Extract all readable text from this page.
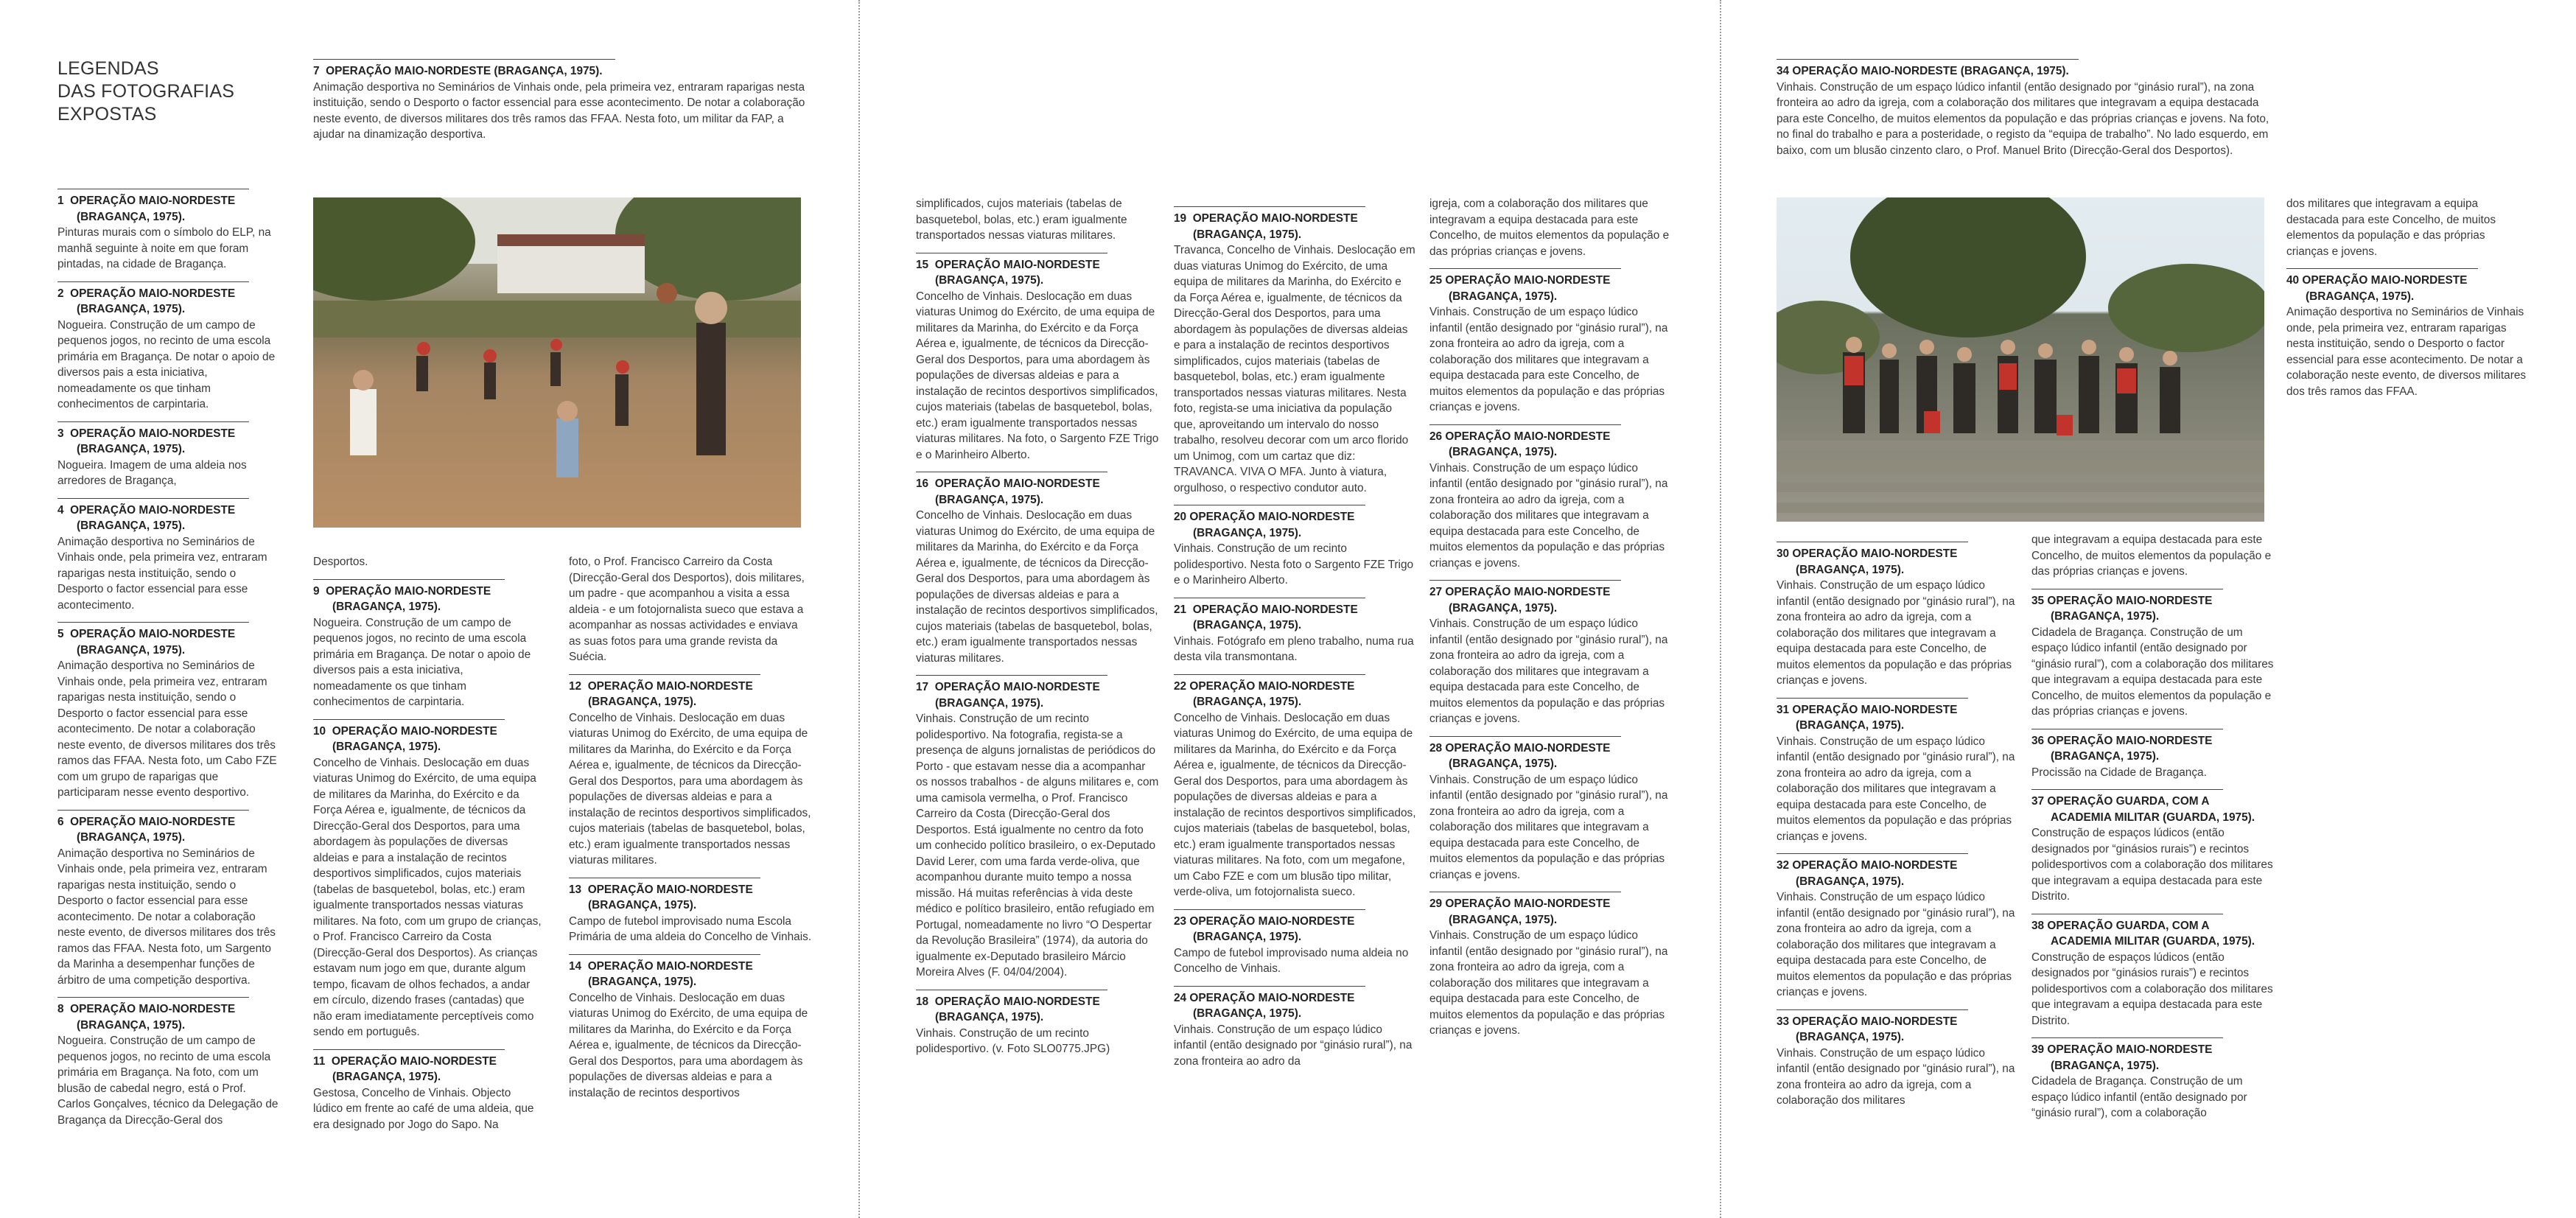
LEGENDAS
DAS FOTOGRAFIAS
EXPOSTAS
7 OPERAÇÃO MAIO-NORDESTE (BRAGANÇA, 1975).
Animação desportiva no Seminários de Vinhais onde, pela primeira vez, entraram raparigas nesta instituição, sendo o Desporto o factor essencial para esse acontecimento. De notar a colaboração neste evento, de diversos militares dos três ramos das FFAA. Nesta foto, um militar da FAP, a ajudar na dinamização desportiva.
1 OPERAÇÃO MAIO-NORDESTE
(BRAGANÇA, 1975).
Pinturas murais com o símbolo do ELP, na manhã seguinte à noite em que foram pintadas, na cidade de Bragança.
2 OPERAÇÃO MAIO-NORDESTE
(BRAGANÇA, 1975).
Nogueira. Construção de um campo de pequenos jogos, no recinto de uma escola primária em Bragança. De notar o apoio de diversos pais a esta iniciativa, nomeadamente os que tinham conhecimentos de carpintaria.
3 OPERAÇÃO MAIO-NORDESTE
(BRAGANÇA, 1975).
Nogueira. Imagem de uma aldeia nos arredores de Bragança,
4 OPERAÇÃO MAIO-NORDESTE
(BRAGANÇA, 1975).
Animação desportiva no Seminários de Vinhais onde, pela primeira vez, entraram raparigas nesta instituição, sendo o Desporto o factor essencial para esse acontecimento.
5 OPERAÇÃO MAIO-NORDESTE
(BRAGANÇA, 1975).
Animação desportiva no Seminários de Vinhais onde, pela primeira vez, entraram raparigas nesta instituição, sendo o Desporto o factor essencial para esse acontecimento. De notar a colaboração neste evento, de diversos militares dos três ramos das FFAA. Nesta foto, um Cabo FZE com um grupo de raparigas que participaram nesse evento desportivo.
6 OPERAÇÃO MAIO-NORDESTE
(BRAGANÇA, 1975).
Animação desportiva no Seminários de Vinhais onde, pela primeira vez, entraram raparigas nesta instituição, sendo o Desporto o factor essencial para esse acontecimento. De notar a colaboração neste evento, de diversos militares dos três ramos das FFAA. Nesta foto, um Sargento da Marinha a desempenhar funções de árbitro de uma competição desportiva.
8 OPERAÇÃO MAIO-NORDESTE
(BRAGANÇA, 1975).
Nogueira. Construção de um campo de pequenos jogos, no recinto de uma escola primária em Bragança. Na foto, com um blusão de cabedal negro, está o Prof. Carlos Gonçalves, técnico da Delegação de Bragança da Direcção-Geral dos
Desportos.
9 OPERAÇÃO MAIO-NORDESTE
(BRAGANÇA, 1975).
Nogueira. Construção de um campo de pequenos jogos, no recinto de uma escola primária em Bragança. De notar o apoio de diversos pais a esta iniciativa, nomeadamente os que tinham conhecimentos de carpintaria.
10 OPERAÇÃO MAIO-NORDESTE
(BRAGANÇA, 1975).
Concelho de Vinhais. Deslocação em duas viaturas Unimog do Exército, de uma equipa de militares da Marinha, do Exército e da Força Aérea e, igualmente, de técnicos da Direcção-Geral dos Desportos, para uma abordagem às populações de diversas aldeias e para a instalação de recintos desportivos simplificados, cujos materiais (tabelas de basquetebol, bolas, etc.) eram igualmente transportados nessas viaturas militares. Na foto, com um grupo de crianças, o Prof. Francisco Carreiro da Costa (Direcção-Geral dos Desportos). As crianças estavam num jogo em que, durante algum tempo, ficavam de olhos fechados, a andar em círculo, dizendo frases (cantadas) que não eram imediatamente perceptíveis como sendo em português.
11 OPERAÇÃO MAIO-NORDESTE
(BRAGANÇA, 1975).
Gestosa, Concelho de Vinhais. Objecto lúdico em frente ao café de uma aldeia, que era designado por Jogo do Sapo. Na
foto, o Prof. Francisco Carreiro da Costa (Direcção-Geral dos Desportos), dois militares, um padre - que acompanhou a visita a essa aldeia - e um fotojornalista sueco que estava a acompanhar as nossas actividades e enviava as suas fotos para uma grande revista da Suécia.
12 OPERAÇÃO MAIO-NORDESTE
(BRAGANÇA, 1975).
Concelho de Vinhais. Deslocação em duas viaturas Unimog do Exército, de uma equipa de militares da Marinha, do Exército e da Força Aérea e, igualmente, de técnicos da Direcção-Geral dos Desportos, para uma abordagem às populações de diversas aldeias e para a instalação de recintos desportivos simplificados, cujos materiais (tabelas de basquetebol, bolas, etc.) eram igualmente transportados nessas viaturas militares.
13 OPERAÇÃO MAIO-NORDESTE
(BRAGANÇA, 1975).
Campo de futebol improvisado numa Escola Primária de uma aldeia do Concelho de Vinhais.
14 OPERAÇÃO MAIO-NORDESTE
(BRAGANÇA, 1975).
Concelho de Vinhais. Deslocação em duas viaturas Unimog do Exército, de uma equipa de militares da Marinha, do Exército e da Força Aérea e, igualmente, de técnicos da Direcção-Geral dos Desportos, para uma abordagem às populações de diversas aldeias e para a instalação de recintos desportivos
simplificados, cujos materiais (tabelas de basquetebol, bolas, etc.) eram igualmente transportados nessas viaturas militares.
15 OPERAÇÃO MAIO-NORDESTE
(BRAGANÇA, 1975).
Concelho de Vinhais. Deslocação em duas viaturas Unimog do Exército, de uma equipa de militares da Marinha, do Exército e da Força Aérea e, igualmente, de técnicos da Direcção-Geral dos Desportos, para uma abordagem às populações de diversas aldeias e para a instalação de recintos desportivos simplificados, cujos materiais (tabelas de basquetebol, bolas, etc.) eram igualmente transportados nessas viaturas militares. Na foto, o Sargento FZE Trigo e o Marinheiro Alberto.
16 OPERAÇÃO MAIO-NORDESTE
(BRAGANÇA, 1975).
Concelho de Vinhais. Deslocação em duas viaturas Unimog do Exército, de uma equipa de militares da Marinha, do Exército e da Força Aérea e, igualmente, de técnicos da Direcção-Geral dos Desportos, para uma abordagem às populações de diversas aldeias e para a instalação de recintos desportivos simplificados, cujos materiais (tabelas de basquetebol, bolas, etc.) eram igualmente transportados nessas viaturas militares.
17 OPERAÇÃO MAIO-NORDESTE
(BRAGANÇA, 1975).
Vinhais. Construção de um recinto polidesportivo. Na fotografia, regista-se a presença de alguns jornalistas de periódicos do Porto - que estavam nesse dia a acompanhar os nossos trabalhos - de alguns militares e, com uma camisola vermelha, o Prof. Francisco Carreiro da Costa (Direcção-Geral dos Desportos. Está igualmente no centro da foto um conhecido político brasileiro, o ex-Deputado David Lerer, com uma farda verde-oliva, que acompanhou durante muito tempo a nossa missão. Há muitas referências à vida deste médico e político brasileiro, então refugiado em Portugal, nomeadamente no livro “O Despertar da Revolução Brasileira” (1974), da autoria do igualmente ex-Deputado brasileiro Márcio Moreira Alves (F. 04/04/2004).
18 OPERAÇÃO MAIO-NORDESTE
(BRAGANÇA, 1975).
Vinhais. Construção de um recinto polidesportivo. (v. Foto SLO0775.JPG)
19 OPERAÇÃO MAIO-NORDESTE
(BRAGANÇA, 1975).
Travanca, Concelho de Vinhais. Deslocação em duas viaturas Unimog do Exército, de uma equipa de militares da Marinha, do Exército e da Força Aérea e, igualmente, de técnicos da Direcção-Geral dos Desportos, para uma abordagem às populações de diversas aldeias e para a instalação de recintos desportivos simplificados, cujos materiais (tabelas de basquetebol, bolas, etc.) eram igualmente transportados nessas viaturas militares. Nesta foto, regista-se uma iniciativa da população que, aproveitando um intervalo do nosso trabalho, resolveu decorar com um arco florido um Unimog, com um cartaz que diz: TRAVANCA. VIVA O MFA. Junto à viatura, orgulhoso, o respectivo condutor auto.
20 OPERAÇÃO MAIO-NORDESTE
(BRAGANÇA, 1975).
Vinhais. Construção de um recinto polidesportivo. Nesta foto o Sargento FZE Trigo e o Marinheiro Alberto.
21 OPERAÇÃO MAIO-NORDESTE
(BRAGANÇA, 1975).
Vinhais. Fotógrafo em pleno trabalho, numa rua desta vila transmontana.
22 OPERAÇÃO MAIO-NORDESTE
(BRAGANÇA, 1975).
Concelho de Vinhais. Deslocação em duas viaturas Unimog do Exército, de uma equipa de militares da Marinha, do Exército e da Força Aérea e, igualmente, de técnicos da Direcção-Geral dos Desportos, para uma abordagem às populações de diversas aldeias e para a instalação de recintos desportivos simplificados, cujos materiais (tabelas de basquetebol, bolas, etc.) eram igualmente transportados nessas viaturas militares. Na foto, com um megafone, um Cabo FZE e com um blusão tipo militar, verde-oliva, um fotojornalista sueco.
23 OPERAÇÃO MAIO-NORDESTE
(BRAGANÇA, 1975).
Campo de futebol improvisado numa aldeia no Concelho de Vinhais.
24 OPERAÇÃO MAIO-NORDESTE
(BRAGANÇA, 1975).
Vinhais. Construção de um espaço lúdico infantil (então designado por “ginásio rural”), na zona fronteira ao adro da
igreja, com a colaboração dos militares que integravam a equipa destacada para este Concelho, de muitos elementos da população e das próprias crianças e jovens.
25 OPERAÇÃO MAIO-NORDESTE
(BRAGANÇA, 1975).
Vinhais. Construção de um espaço lúdico infantil (então designado por “ginásio rural”), na zona fronteira ao adro da igreja, com a colaboração dos militares que integravam a equipa destacada para este Concelho, de muitos elementos da população e das próprias crianças e jovens.
26 OPERAÇÃO MAIO-NORDESTE
(BRAGANÇA, 1975).
Vinhais. Construção de um espaço lúdico infantil (então designado por “ginásio rural”), na zona fronteira ao adro da igreja, com a colaboração dos militares que integravam a equipa destacada para este Concelho, de muitos elementos da população e das próprias crianças e jovens.
27 OPERAÇÃO MAIO-NORDESTE
(BRAGANÇA, 1975).
Vinhais. Construção de um espaço lúdico infantil (então designado por “ginásio rural”), na zona fronteira ao adro da igreja, com a colaboração dos militares que integravam a equipa destacada para este Concelho, de muitos elementos da população e das próprias crianças e jovens.
28 OPERAÇÃO MAIO-NORDESTE
(BRAGANÇA, 1975).
Vinhais. Construção de um espaço lúdico infantil (então designado por “ginásio rural”), na zona fronteira ao adro da igreja, com a colaboração dos militares que integravam a equipa destacada para este Concelho, de muitos elementos da população e das próprias crianças e jovens.
29 OPERAÇÃO MAIO-NORDESTE
(BRAGANÇA, 1975).
Vinhais. Construção de um espaço lúdico infantil (então designado por “ginásio rural”), na zona fronteira ao adro da igreja, com a colaboração dos militares que integravam a equipa destacada para este Concelho, de muitos elementos da população e das próprias crianças e jovens.
34 OPERAÇÃO MAIO-NORDESTE (BRAGANÇA, 1975).
Vinhais. Construção de um espaço lúdico infantil (então designado por “ginásio rural”), na zona fronteira ao adro da igreja, com a colaboração dos militares que integravam a equipa destacada para este Concelho, de muitos elementos da população e das próprias crianças e jovens. Na foto, no final do trabalho e para a posteridade, o registo da “equipa de trabalho”. No lado esquerdo, em baixo, com um blusão cinzento claro, o Prof. Manuel Brito (Direcção-Geral dos Desportos).
dos militares que integravam a equipa destacada para este Concelho, de muitos elementos da população e das próprias crianças e jovens.
40 OPERAÇÃO MAIO-NORDESTE
(BRAGANÇA, 1975).
Animação desportiva no Seminários de Vinhais onde, pela primeira vez, entraram raparigas nesta instituição, sendo o Desporto o factor essencial para esse acontecimento. De notar a colaboração neste evento, de diversos militares dos três ramos das FFAA.
30 OPERAÇÃO MAIO-NORDESTE
(BRAGANÇA, 1975).
Vinhais. Construção de um espaço lúdico infantil (então designado por “ginásio rural”), na zona fronteira ao adro da igreja, com a colaboração dos militares que integravam a equipa destacada para este Concelho, de muitos elementos da população e das próprias crianças e jovens.
31 OPERAÇÃO MAIO-NORDESTE
(BRAGANÇA, 1975).
Vinhais. Construção de um espaço lúdico infantil (então designado por “ginásio rural”), na zona fronteira ao adro da igreja, com a colaboração dos militares que integravam a equipa destacada para este Concelho, de muitos elementos da população e das próprias crianças e jovens.
32 OPERAÇÃO MAIO-NORDESTE
(BRAGANÇA, 1975).
Vinhais. Construção de um espaço lúdico infantil (então designado por “ginásio rural”), na zona fronteira ao adro da igreja, com a colaboração dos militares que integravam a equipa destacada para este Concelho, de muitos elementos da população e das próprias crianças e jovens.
33 OPERAÇÃO MAIO-NORDESTE
(BRAGANÇA, 1975).
Vinhais. Construção de um espaço lúdico infantil (então designado por “ginásio rural”), na zona fronteira ao adro da igreja, com a colaboração dos militares
que integravam a equipa destacada para este Concelho, de muitos elementos da população e das próprias crianças e jovens.
35 OPERAÇÃO MAIO-NORDESTE
(BRAGANÇA, 1975).
Cidadela de Bragança. Construção de um espaço lúdico infantil (então designado por “ginásio rural”), com a colaboração dos militares que integravam a equipa destacada para este Concelho, de muitos elementos da população e das próprias crianças e jovens.
36 OPERAÇÃO MAIO-NORDESTE
(BRAGANÇA, 1975).
Procissão na Cidade de Bragança.
37 OPERAÇÃO GUARDA, COM A
ACADEMIA MILITAR (GUARDA, 1975).
Construção de espaços lúdicos (então designados por “ginásios rurais”) e recintos polidesportivos com a colaboração dos militares que integravam a equipa destacada para este Distrito.
38 OPERAÇÃO GUARDA, COM A
ACADEMIA MILITAR (GUARDA, 1975).
Construção de espaços lúdicos (então designados por “ginásios rurais”) e recintos polidesportivos com a colaboração dos militares que integravam a equipa destacada para este Distrito.
39 OPERAÇÃO MAIO-NORDESTE
(BRAGANÇA, 1975).
Cidadela de Bragança. Construção de um espaço lúdico infantil (então designado por “ginásio rural”), com a colaboração
